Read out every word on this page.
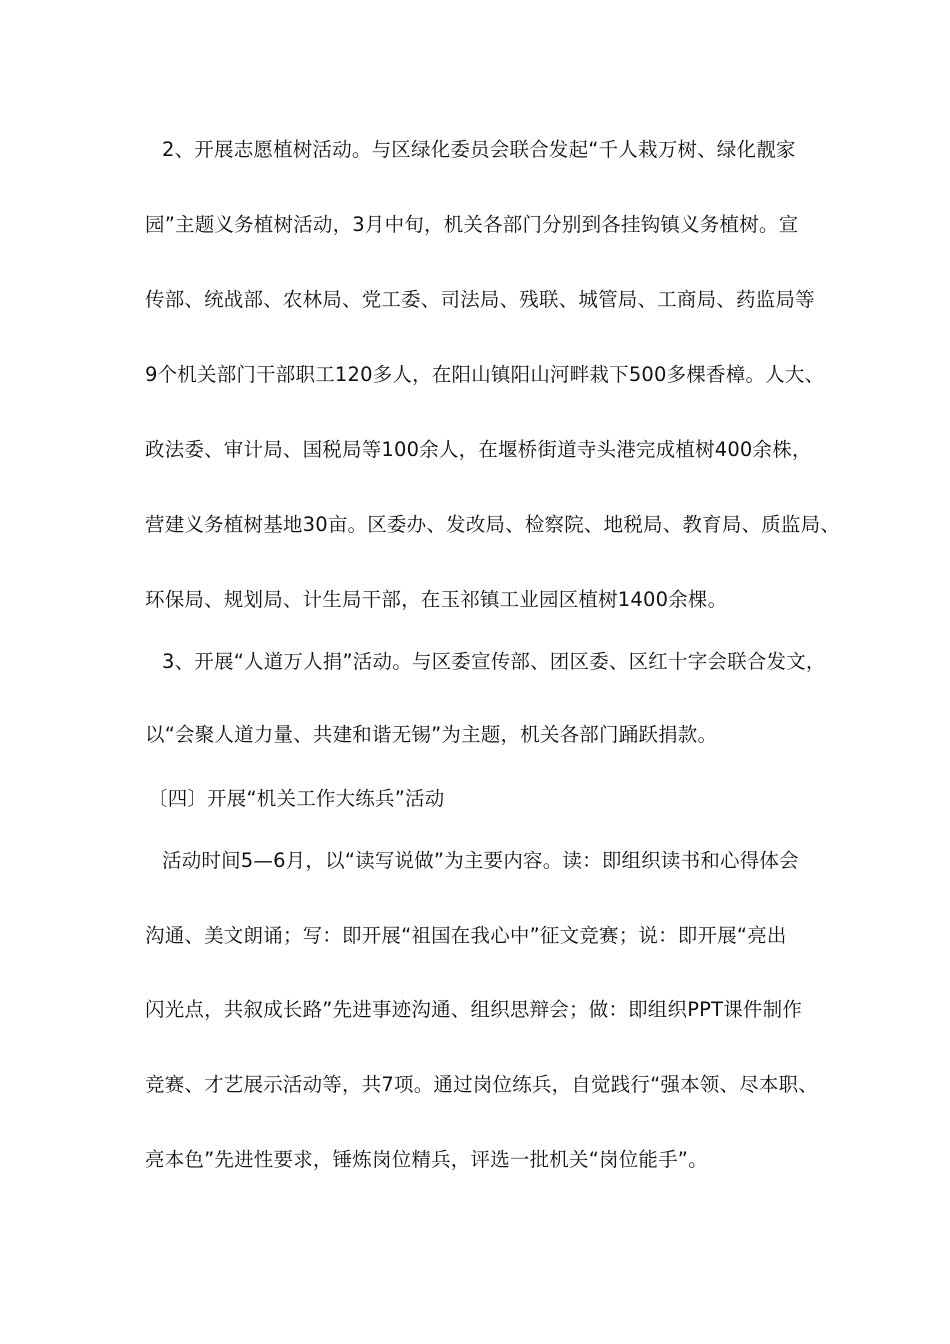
2、开展志愿植树活动。与区绿化委员会联合发起“千人栽万树、绿化靓家
园”主题义务植树活动，3月中旬，机关各部门分别到各挂钩镇义务植树。宣
传部、统战部、农林局、党工委、司法局、残联、城管局、工商局、药监局等
9个机关部门干部职工120多人，在阳山镇阳山河畔栽下500多棵香樟。人大、
政法委、审计局、国税局等100余人，在堰桥街道寺头港完成植树400余株，
营建义务植树基地30亩。区委办、发改局、检察院、地税局、教育局、质监局、
环保局、规划局、计生局干部，在玉祁镇工业园区植树1400余棵。
3、开展“人道万人捐”活动。与区委宣传部、团区委、区红十字会联合发文，
以“会聚人道力量、共建和谐无锡”为主题，机关各部门踊跃捐款。
〔四〕开展“机关工作大练兵”活动
活动时间5—6月，以“读写说做”为主要内容。读：即组织读书和心得体会
沟通、美文朗诵；写：即开展“祖国在我心中”征文竞赛；说：即开展“亮出
闪光点，共叙成长路”先进事迹沟通、组织思辩会；做：即组织PPT课件制作
竞赛、才艺展示活动等，共7项。通过岗位练兵，自觉践行“强本领、尽本职、
亮本色”先进性要求，锤炼岗位精兵，评选一批机关“岗位能手”。
